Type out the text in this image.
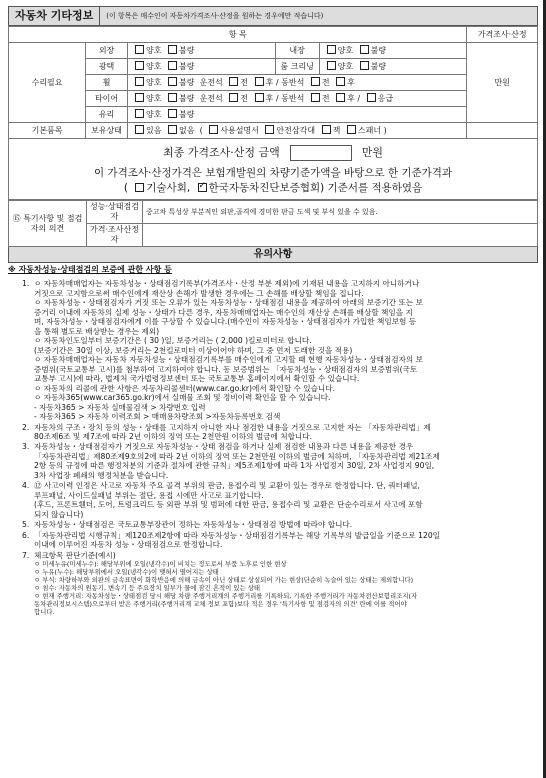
자동차 기타정보	(이 항목은 매수인이 자동차가격조사·산정을 원하는 경우에만 적습니다)
항 목					가격조사·산정
수리필요	외장	양호 불량	내장	양호 불량	만원
	광택	양호 불량	룸 크리닝	양호 불량	
	휠	양호 불량 운전석 전 후 / 동반석 전 후			
	타이어	양호 불량 운전석 전 후 / 동반석 전 후 / 응급			
	유리	양호 불량			

기본품목	보유상태	있음 없음 ( 사용설명서 안전삼각대 잭 스패너 )			
최종 가격조사·산정 금액	만원
이 가격조사·산정가격은 보험개발원의 차량기준가액을 바탕으로 한 기준가격과
( 기술사회, ✓ 한국자동차진단보증협회) 기준서를 적용하였음
⑮ 특기사항 및 점검자의 의견	성능·상태점검자	중고차 특성상 부분적인 외판,골격에 경미한 판금 도색 및 부식 있을 수 있음.
	가격·조사산정자	
유의사항
※ 자동차성능·상태점검의 보증에 관한 사항 등
1. ㅇ 자동차매매업자는 자동차성능・상태점검기록부(가격조사・산정 부분 제외)에 기재된 내용을 고지하지 아니하거나
거짓으로 고지함으로써 매수인에게 재산상 손해가 발생한 경우에는 그 손해를 배상할 책임을 집니다.
ㅇ 자동차성능・상태점검자가 거짓 또는 오류가 있는 자동차성능・상태점검 내용을 제공하여 아래의 보증기간 또는 보
증거리 이내에 자동차의 실제 성능・상태가 다른 경우, 자동차매매업자는 매수인의 재산상 손해를 배상할 책임을 지
며, 자동차성능・상태점검자에게 이를 구상할 수 있습니다.(매수인이 자동차성능・상태점검자가 가입한 책임보험 등
을 통해 별도로 배상받는 경우는 제외)
ㅇ 자동차인도일부터 보증기간은 ( 30 )일, 보증거리는 ( 2,000 )킬로미터로 합니다.
(보증기간은 30일 이상, 보증거리는 2천킬로미터 이상이어야 하며, 그 중 먼저 도래한 것을 적용)
ㅇ 자동차매매업자는 자동차 자동차성능・상태점검기록부를 매수인에게 고지할 때 현행 자동차성능・상태점검자의 보
증범위(국토교통부 고시)를 첨부하여 고지하여야 합니다. 동 보증범위는 「자동차성능・상태점검자의 보증범위(국토
교통부 고시)에 따라, 법제처 국가법령정보센터 또는 국토교통부 홈페이지에서 확인할 수 있습니다.
ㅇ 자동차의 리콜에 관한 사항은 자동차리콜센터(www.car.go.kr)에서 확인할 수 있습니다.
ㅇ 자동차365(www.car365.go.kr)에서 실매물 조회 및 정비이력 확인을 할 수 있습니다.
- 자동차365 > 자동차 실매물검색 > 차량번호 입력
- 자동차365 > 자동차 이력조회 > 매매용차량조회 >자동차등록번호 검색
2. 자동차의 구조・장치 등의 성능・상태를 고지하지 아니한 자나 점검한 내용을 거짓으로 고지한 자는 「자동차관리법」제
80조제6조 및 제7조에 따라 2년 이하의 징역 또는 2천만원 이하의 벌금에 처합니다.
3. 자동차성능・상태점검자가 거짓으로 자동차성능・상태 점검을 하거나 실제 점검한 내용과 다른 내용을 제공한 경우
「자동차관리법」제80조제9호의2에 따라 2년 이하의 징역 또는 2천만원 이하의 벌금에 처하며, 「자동차관리법 제21조제
2항 등의 규정에 따른 행정처분의 기준과 절차에 관한 규칙」제5조제1항에 따라 1차 사업정지 30일, 2차 사업정지 90일,
3차 사업장 폐쇄의 행정처분을 받습니다.
4. ⑫ 사고이력 인정은 사고로 자동차 주요 골격 부위의 판금, 용접수리 및 교환이 있는 경우로 한정합니다. 단, 쿼터패널,
루프패널, 사이드실패널 부위는 절단, 용접 시에만 사고로 표기합니다.
(후드, 프론트휀더, 도어, 트렁크리드 등 외판 부위 및 범퍼에 대한 판금, 용접수리 및 교환은 단순수리로서 사고에 포함
되지 않습니다)
5. 자동차성능・상태점검은 국토교통부장관이 정하는 자동차성능・상태점검 방법에 따라야 합니다.
6. 「자동차관리법 시행규칙」제120조제2항에 따라 자동차성능・상태점검기록부는 해당 기록부의 발급일을 기준으로 120일
이내에 이루어진 자동차 성능・상태점검으로 한정합니다.
7. 체크항목 판단기준(예시)
ㅇ 미세누유(미세누수): 해당부위에 오일(냉각수)이 비치는 정도로서 부품 노후로 인한 현상
ㅇ 누유(누수): 해당부위에서 오일(냉각수)이 맺혀서 떨어지는 상태
ㅇ 부식: 차량하부와 외판의 금속표면이 화학반응에 의해 금속이 아닌 상태로 상실되어 가는 현상(단순히 녹슬어 있는 상태는 제외합니다)
ㅇ 침수: 자동차의 원동기, 변속기 등 주요장치 일부가 물에 잠긴 흔적이 있는 상태
ㅇ 현재 주행거리: 자동차성능・상태점검 당시 해당 차량 주행거리계의 주행거리를 기록하되, 기록한 주행거리가 자동차전산보험리조지(자
동차관리정보시스템)으로부터 받은 주행거리(주행거리계 교체 정보 포함)보다 적은 경우 '특기사항 및 점검자의 의견' 란에 이를 적어야
합니다.
